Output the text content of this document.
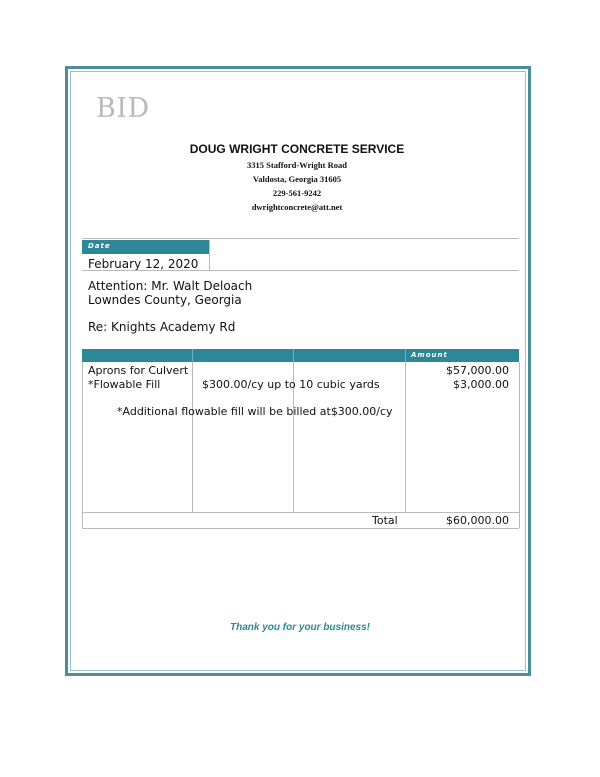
BID
DOUG WRIGHT CONCRETE SERVICE
3315 Stafford-Wright Road
Valdosta, Georgia 31605
229-561-9242
dwrightconcrete@att.net
Date
February 12, 2020
Attention: Mr. Walt Deloach
Lowndes County, Georgia
Re: Knights Academy Rd
Amount
Aprons for Culvert	$57,000.00
*Flowable Fill	$300.00/cy up to 10 cubic yards	$3,000.00
*Additional flowable fill will be billed at$300.00/cy
Total	$60,000.00
Thank you for your business!
